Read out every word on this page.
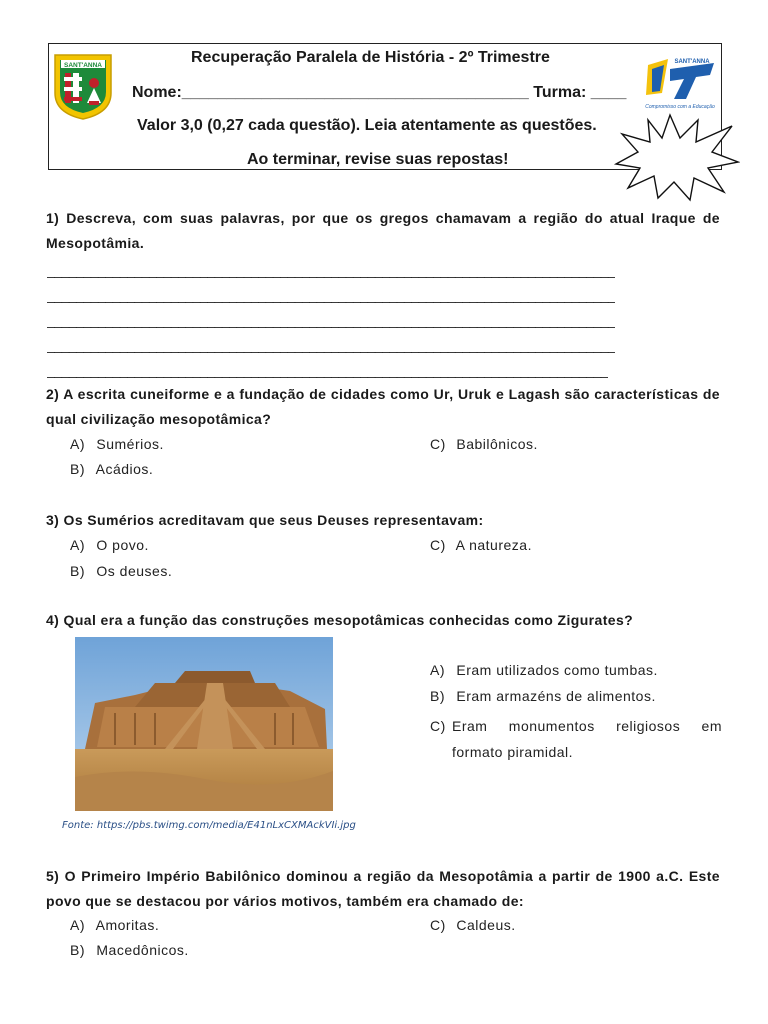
SANT'ANNA	Recuperação Paralela de História - 2º Trimestre
Nome:_______________________________________ Turma: ____
Valor 3,0 (0,27 cada questão). Leia atentamente as questões.
Ao terminar, revise suas repostas!
SANT'ANNA
Compromisso com a Educação
1) Descreva, com suas palavras, por que os gregos chamavam a região do atual Iraque de Mesopotâmia.
______________________________________________________________________________
______________________________________________________________________________
______________________________________________________________________________
______________________________________________________________________________
_____________________________________________________________________________
2) A escrita cuneiforme e a fundação de cidades como Ur, Uruk e Lagash são características de qual civilização mesopotâmica?
A) Sumérios.	C) Babilônicos.
B) Acádios.
3) Os Sumérios acreditavam que seus Deuses representavam:
A) O povo.	C) A natureza.
B) Os deuses.
4) Qual era a função das construções mesopotâmicas conhecidas como Zigurates?
Fonte: https://pbs.twimg.com/media/E41nLxCXMAckVIi.jpg
A) Eram utilizados como tumbas.
B) Eram armazéns de alimentos.
C) Eram monumentos religiosos em formato piramidal.
5) O Primeiro Império Babilônico dominou a região da Mesopotâmia a partir de 1900 a.C. Este povo que se destacou por vários motivos, também era chamado de:
A) Amoritas.	C) Caldeus.
B) Macedônicos.
